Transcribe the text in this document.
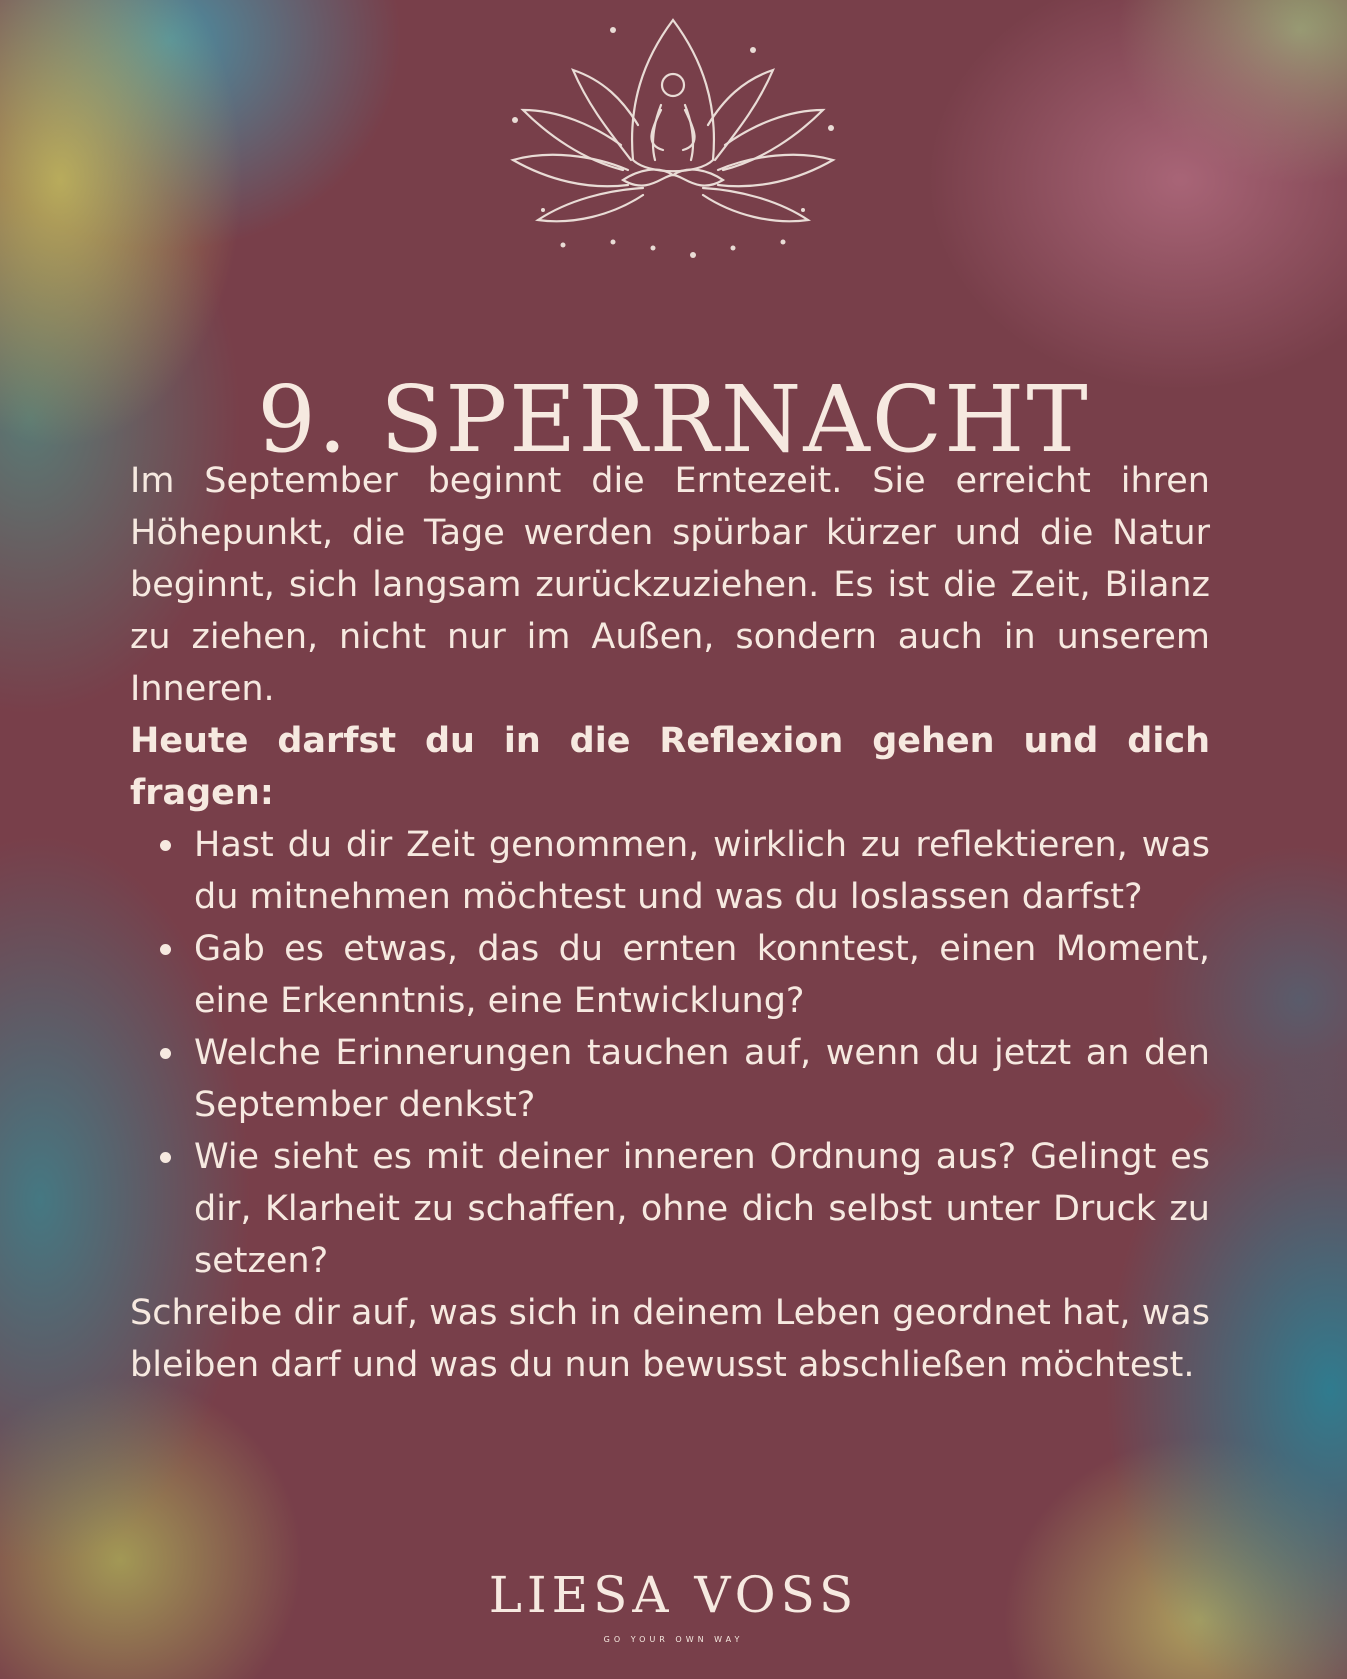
9. SPERRNACHT

Im September beginnt die Erntezeit. Sie erreicht ihren Höhepunkt, die Tage werden spürbar kürzer und die Natur beginnt, sich langsam zurückzuziehen. Es ist die Zeit, Bilanz zu ziehen, nicht nur im Außen, sondern auch in unserem Inneren.

Heute darfst du in die Reflexion gehen und dich fragen:

Hast du dir Zeit genommen, wirklich zu reflektieren, was du mitnehmen möchtest und was du loslassen darfst?
Gab es etwas, das du ernten konntest, einen Moment, eine Erkenntnis, eine Entwicklung?
Welche Erinnerungen tauchen auf, wenn du jetzt an den September denkst?
Wie sieht es mit deiner inneren Ordnung aus? Gelingt es dir, Klarheit zu schaffen, ohne dich selbst unter Druck zu setzen?

Schreibe dir auf, was sich in deinem Leben geordnet hat, was bleiben darf und was du nun bewusst abschließen möchtest.

LIESA VOSS
GO YOUR OWN WAY
